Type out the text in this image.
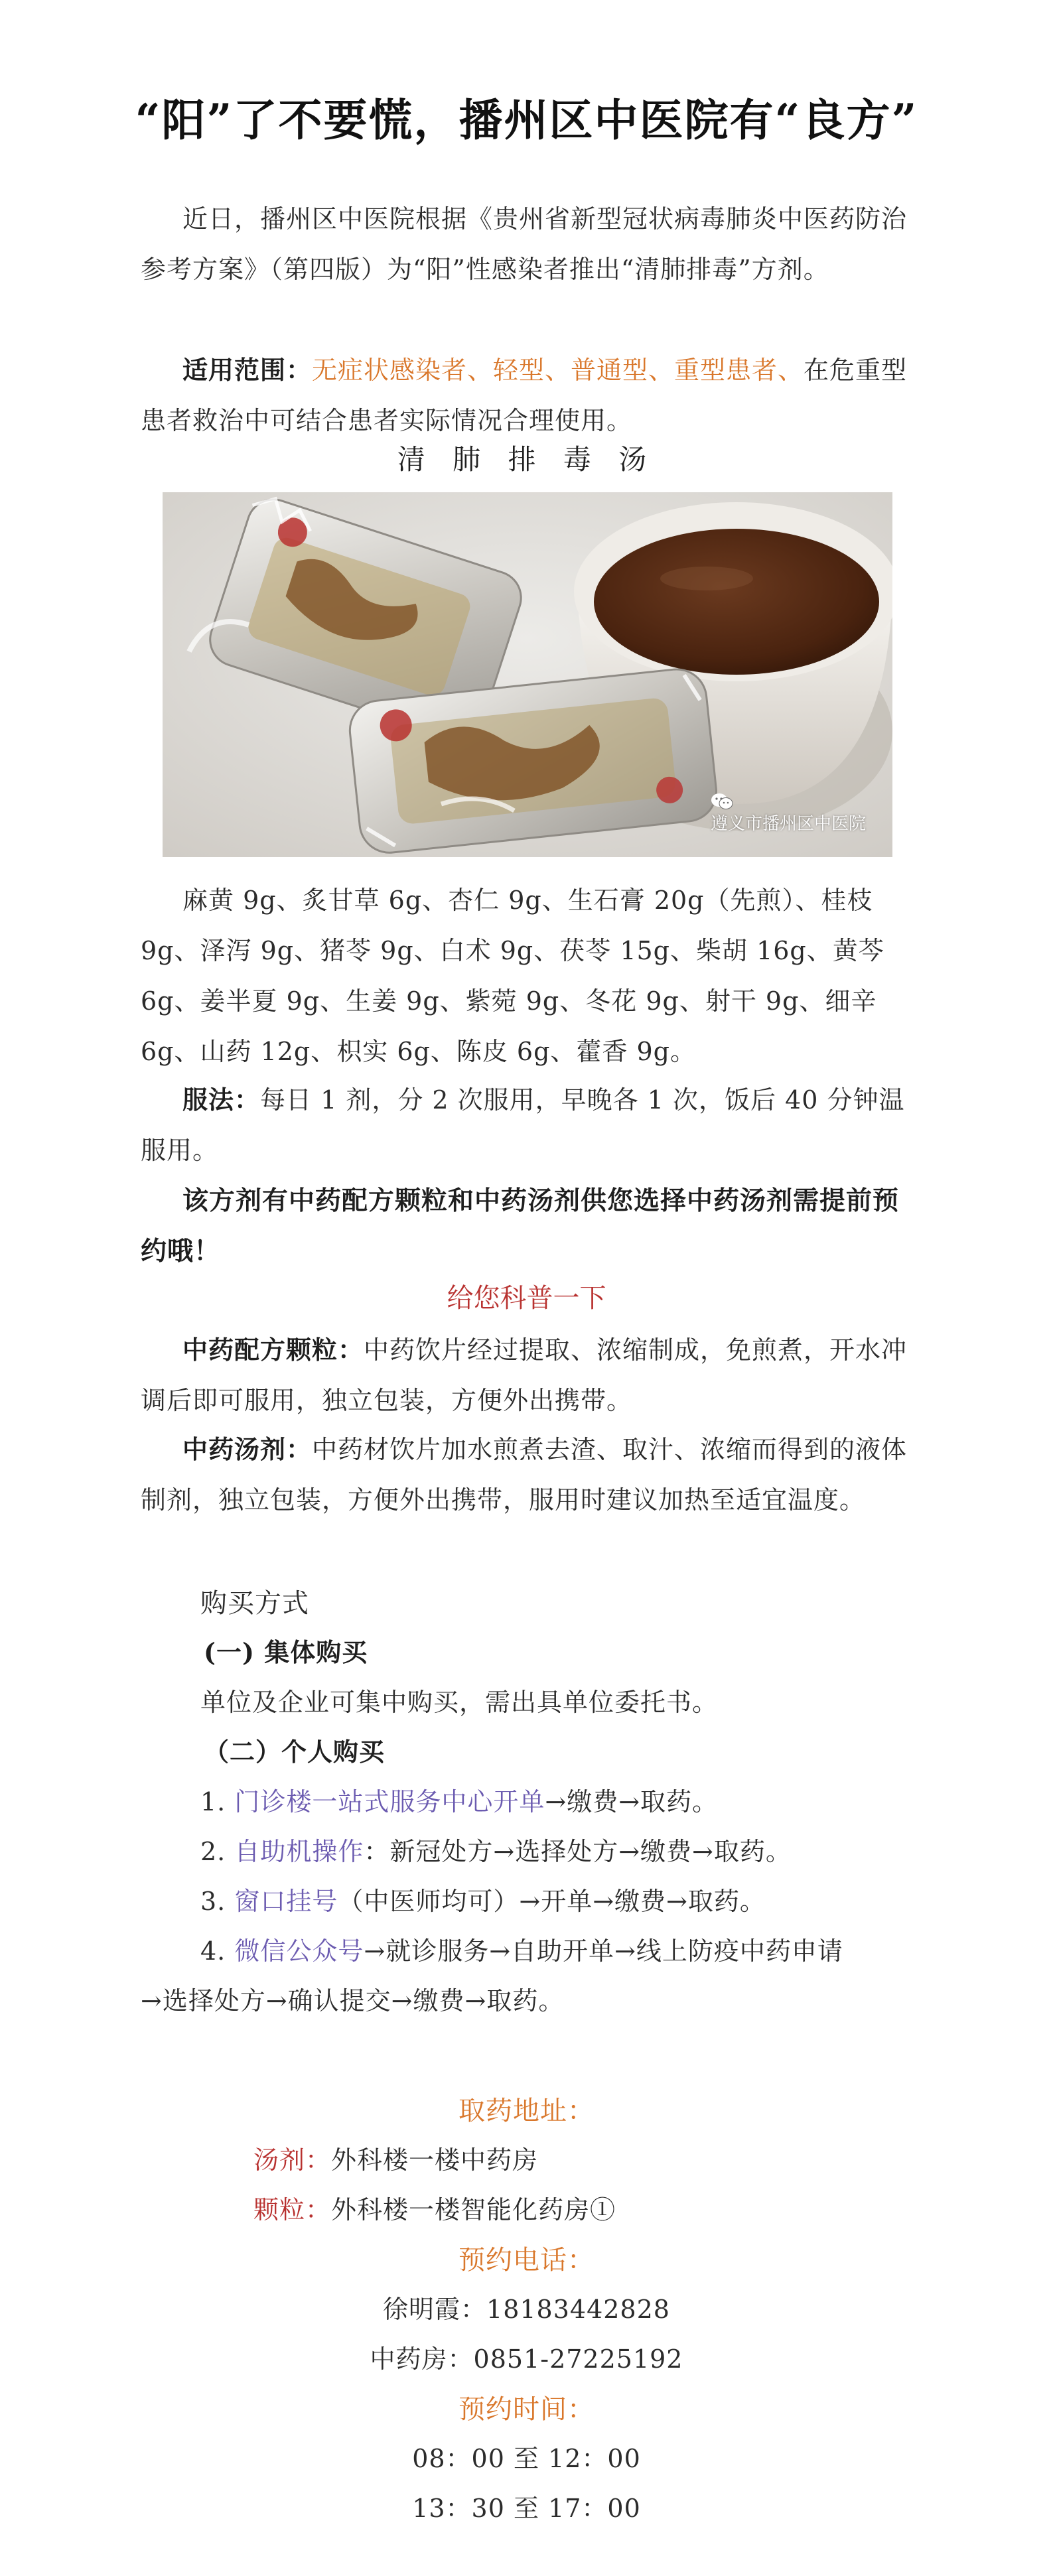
“阳”了不要慌，播州区中医院有“良方”

近日，播州区中医院根据《贵州省新型冠状病毒肺炎中医药防治参考方案》（第四版）为“阳”性感染者推出“清肺排毒”方剂。

适用范围：无症状感染者、轻型、普通型、重型患者、在危重型患者救治中可结合患者实际情况合理使用。

清 肺 排 毒 汤
遵义市播州区中医院

麻黄 9g、炙甘草 6g、杏仁 9g、生石膏 20g（先煎）、桂枝 9g、泽泻 9g、猪苓 9g、白术 9g、茯苓 15g、柴胡 16g、黄芩 6g、姜半夏 9g、生姜 9g、紫菀 9g、冬花 9g、射干 9g、细辛 6g、山药 12g、枳实 6g、陈皮 6g、藿香 9g。

服法：每日 1 剂，分 2 次服用，早晚各 1 次，饭后 40 分钟温服用。

该方剂有中药配方颗粒和中药汤剂供您选择中药汤剂需提前预约哦！

给您科普一下

中药配方颗粒：中药饮片经过提取、浓缩制成，免煎煮，开水冲调后即可服用，独立包装，方便外出携带。

中药汤剂：中药材饮片加水煎煮去渣、取汁、浓缩而得到的液体制剂，独立包装，方便外出携带，服用时建议加热至适宜温度。

购买方式
(一) 集体购买
单位及企业可集中购买，需出具单位委托书。
（二）个人购买
1. 门诊楼一站式服务中心开单→缴费→取药。
2. 自助机操作：新冠处方→选择处方→缴费→取药。
3. 窗口挂号（中医师均可）→开单→缴费→取药。
4. 微信公众号→就诊服务→自助开单→线上防疫中药申请
→选择处方→确认提交→缴费→取药。
取药地址：
汤剂：外科楼一楼中药房
颗粒：外科楼一楼智能化药房①
预约电话：
徐明霞：18183442828
中药房：0851-27225192
预约时间：
08：00 至 12：00
13：30 至 17：00
